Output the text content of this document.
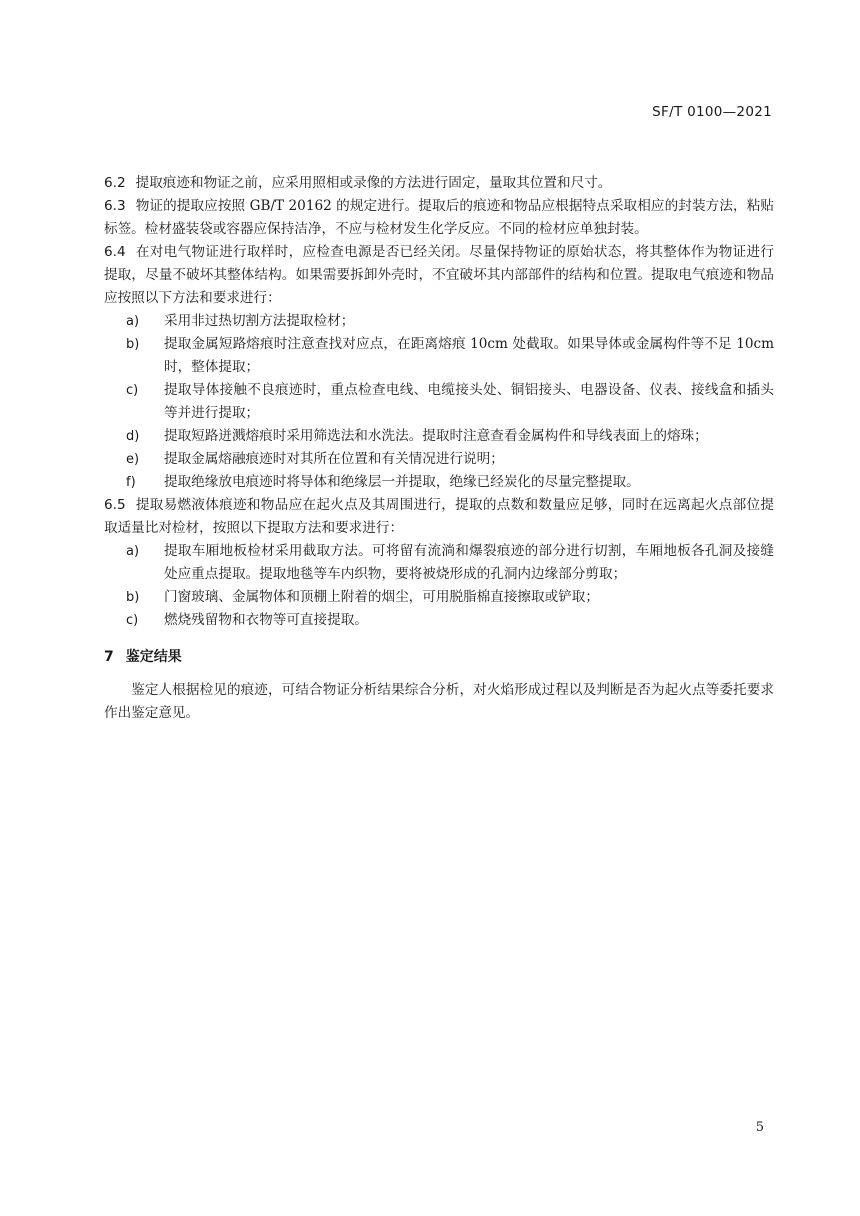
SF/T 0100—2021

6.2 提取痕迹和物证之前，应采用照相或录像的方法进行固定，量取其位置和尺寸。

6.3 物证的提取应按照 GB/T 20162 的规定进行。提取后的痕迹和物品应根据特点采取相应的封装方法，粘贴标签。检材盛装袋或容器应保持洁净，不应与检材发生化学反应。不同的检材应单独封装。

6.4 在对电气物证进行取样时，应检查电源是否已经关闭。尽量保持物证的原始状态，将其整体作为物证进行提取，尽量不破坏其整体结构。如果需要拆卸外壳时，不宜破坏其内部部件的结构和位置。提取电气痕迹和物品应按照以下方法和要求进行：

a) 采用非过热切割方法提取检材；

b) 提取金属短路熔痕时注意查找对应点，在距离熔痕 10cm 处截取。如果导体或金属构件等不足 10cm 时，整体提取；

c) 提取导体接触不良痕迹时，重点检查电线、电缆接头处、铜铝接头、电器设备、仪表、接线盒和插头等并进行提取；

d) 提取短路迸溅熔痕时采用筛选法和水洗法。提取时注意查看金属构件和导线表面上的熔珠；

e) 提取金属熔融痕迹时对其所在位置和有关情况进行说明；

f) 提取绝缘放电痕迹时将导体和绝缘层一并提取，绝缘已经炭化的尽量完整提取。

6.5 提取易燃液体痕迹和物品应在起火点及其周围进行，提取的点数和数量应足够，同时在远离起火点部位提取适量比对检材，按照以下提取方法和要求进行：

a) 提取车厢地板检材采用截取方法。可将留有流淌和爆裂痕迹的部分进行切割，车厢地板各孔洞及接缝处应重点提取。提取地毯等车内织物，要将被烧形成的孔洞内边缘部分剪取；

b) 门窗玻璃、金属物体和顶棚上附着的烟尘，可用脱脂棉直接擦取或铲取；

c) 燃烧残留物和衣物等可直接提取。

7 鉴定结果

鉴定人根据检见的痕迹，可结合物证分析结果综合分析，对火焰形成过程以及判断是否为起火点等委托要求作出鉴定意见。

5
